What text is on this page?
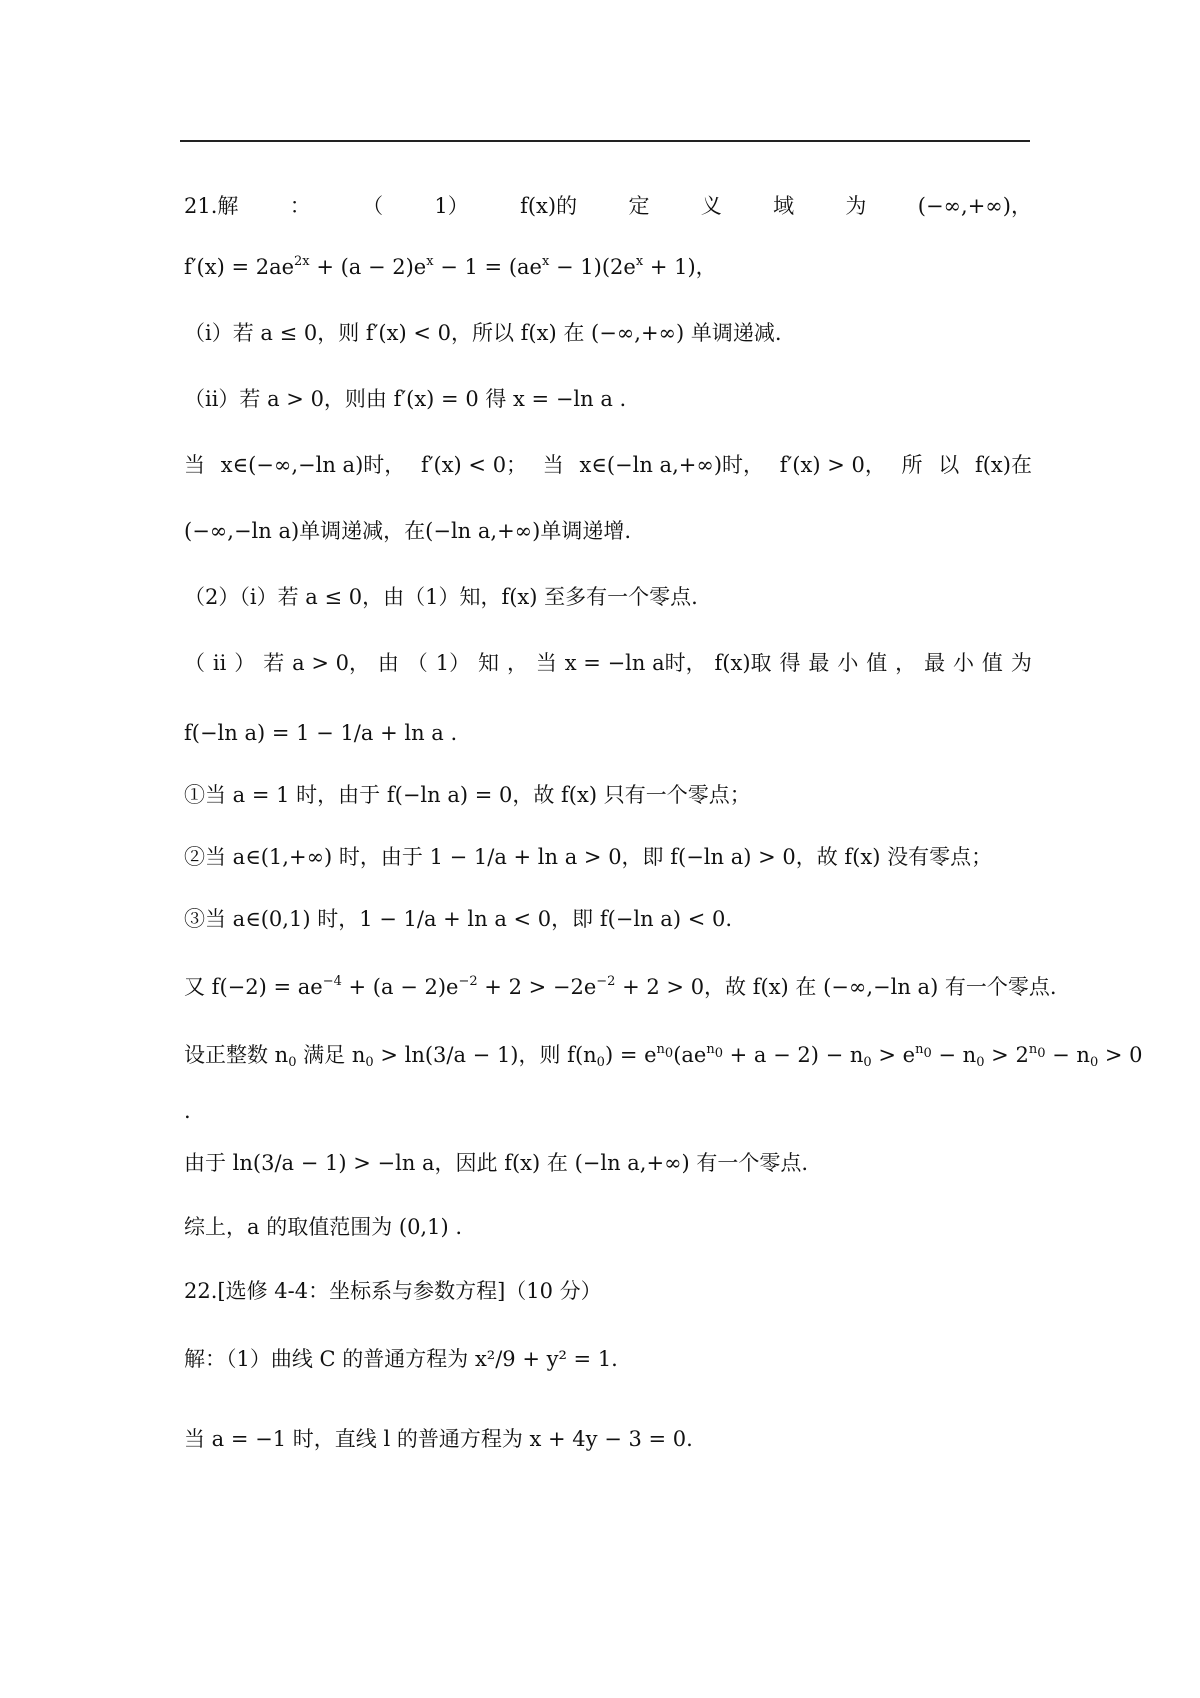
21.解 ： （ 1） f(x)的 定 义 域 为 (−∞,+∞)，
$f'(x) = 2ae^{2x} + (a - 2)e^x - 1 = (ae^x - 1)(2e^x + 1)$，
（ⅰ）若 a ≤ 0，则 f′(x) < 0，所以 f(x) 在 (−∞,+∞) 单调递减.
（ⅱ）若 a > 0，则由 f′(x) = 0 得 x = −ln a .
当 x∈(−∞,−ln a)时， f′(x) < 0； 当 x∈(−ln a,+∞)时， f′(x) > 0， 所 以 f(x)在
(−∞,−ln a)单调递减，在(−ln a,+∞)单调递增.
（2）（ⅰ）若 a ≤ 0，由（1）知，f(x) 至多有一个零点.
（ ⅱ ） 若 a > 0， 由 （ 1） 知 ， 当 x = −ln a时， f(x)取 得 最 小 值 ， 最 小 值 为
f(−ln a) = 1 − 1/a + ln a .
①当 a = 1 时，由于 f(−ln a) = 0，故 f(x) 只有一个零点；
②当 a∈(1,+∞) 时，由于 1 − 1/a + ln a > 0，即 f(−ln a) > 0，故 f(x) 没有零点；
③当 a∈(0,1) 时，1 − 1/a + ln a < 0，即 f(−ln a) < 0.
又 $f(-2) = ae^{-4} + (a - 2)e^{-2} + 2 > -2e^{-2} + 2 > 0$，故 f(x) 在 (−∞,−ln a) 有一个零点.
设正整数 $n_0$ 满足 $n_0 > \ln(3/a - 1)$，则 $f(n_0) = e^{n_0}(ae^{n_0} + a - 2) - n_0 > e^{n_0} - n_0 > 2^{n_0} - n_0 > 0$
.
由于 ln(3/a − 1) > −ln a，因此 f(x) 在 (−ln a,+∞) 有一个零点.
综上，a 的取值范围为 (0,1) .
22.[选修 4-4：坐标系与参数方程]（10 分）
解：（1）曲线 C 的普通方程为 x²/9 + y² = 1.
当 a = −1 时，直线 l 的普通方程为 x + 4y − 3 = 0.
